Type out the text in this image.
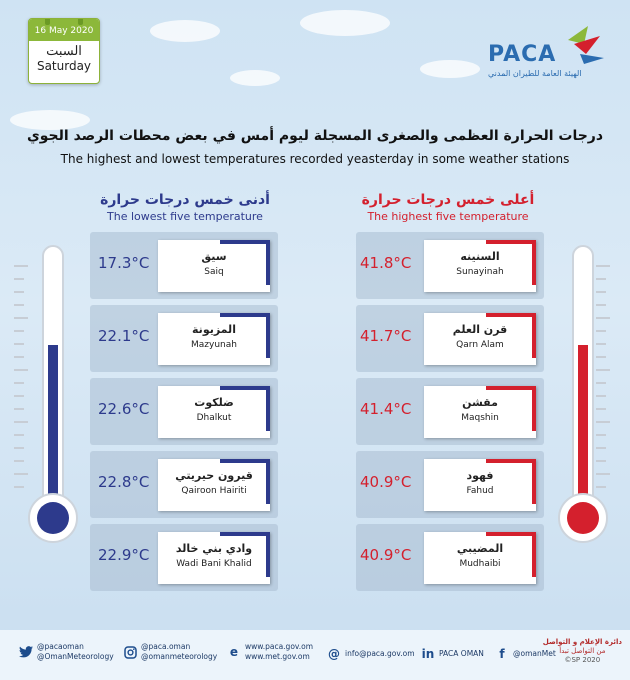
16 May 2020
السبت
Saturday	PACA
الهيئة العامة للطيران المدني
درجات الحرارة العظمى والصغرى المسجلة ليوم أمس في بعض محطات الرصد الجوي
The highest and lowest temperatures recorded yeasterday in some weather stations
أدنى خمس درجات حرارة
The lowest five temperature
أعلى خمس درجات حرارة
The highest five temperature
17.3°C	سيق
Saiq
22.1°C	المزيونة
Mazyunah
22.6°C	ضلكوت
Dhalkut
22.8°C	قيرون حيريتي
Qairoon Hairiti
22.9°C	وادي بني خالد
Wadi Bani Khalid
41.8°C	السنينه
Sunayinah
41.7°C	قرن العلم
Qarn Alam
41.4°C	مقشن
Maqshin
40.9°C	فهود
Fahud
40.9°C	المضيبي
Mudhaibi
@pacaoman
@OmanMeteorology
@paca.oman
@omanmeteorology	e www.paca.gov.om
www.met.gov.om @ info@paca.gov.om in PACA OMAN	f	@omanMet
دائرة الإعلام و التواصل
من التواصل تبدأ
©SP 2020
